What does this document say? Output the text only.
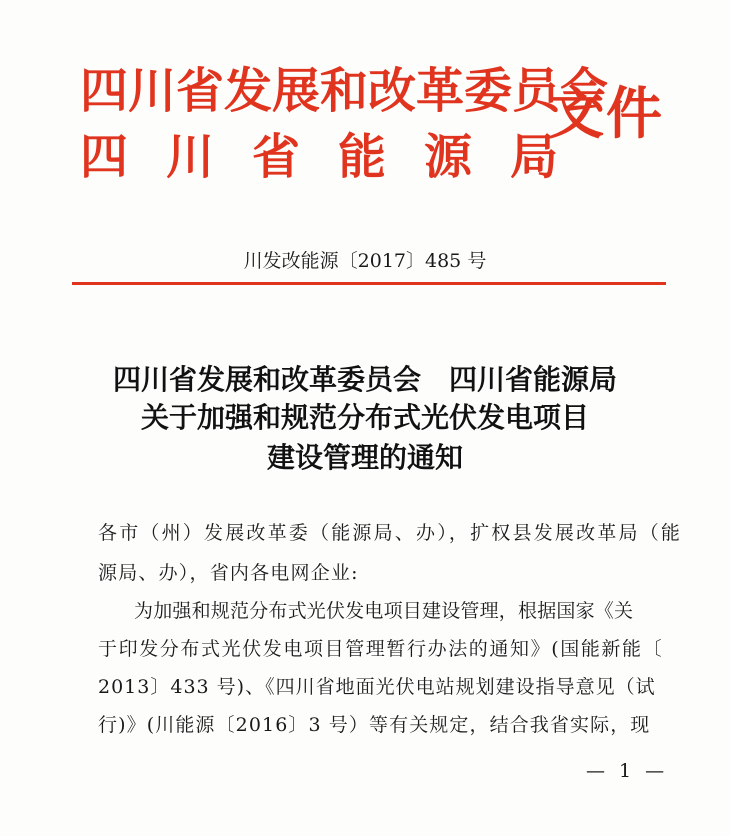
四川省发展和改革委员会
四川省能源局
文件
川发改能源〔2017〕485 号
四川省发展和改革委员会　四川省能源局
关于加强和规范分布式光伏发电项目
建设管理的通知
各市（州）发展改革委（能源局、办），扩权县发展改革局（能
源局、办），省内各电网企业:
为加强和规范分布式光伏发电项目建设管理，根据国家《关
于印发分布式光伏发电项目管理暂行办法的通知》(国能新能〔
2013〕433 号)、《四川省地面光伏电站规划建设指导意见（试
行)》(川能源〔2016〕3 号）等有关规定，结合我省实际，现
— 1 —
